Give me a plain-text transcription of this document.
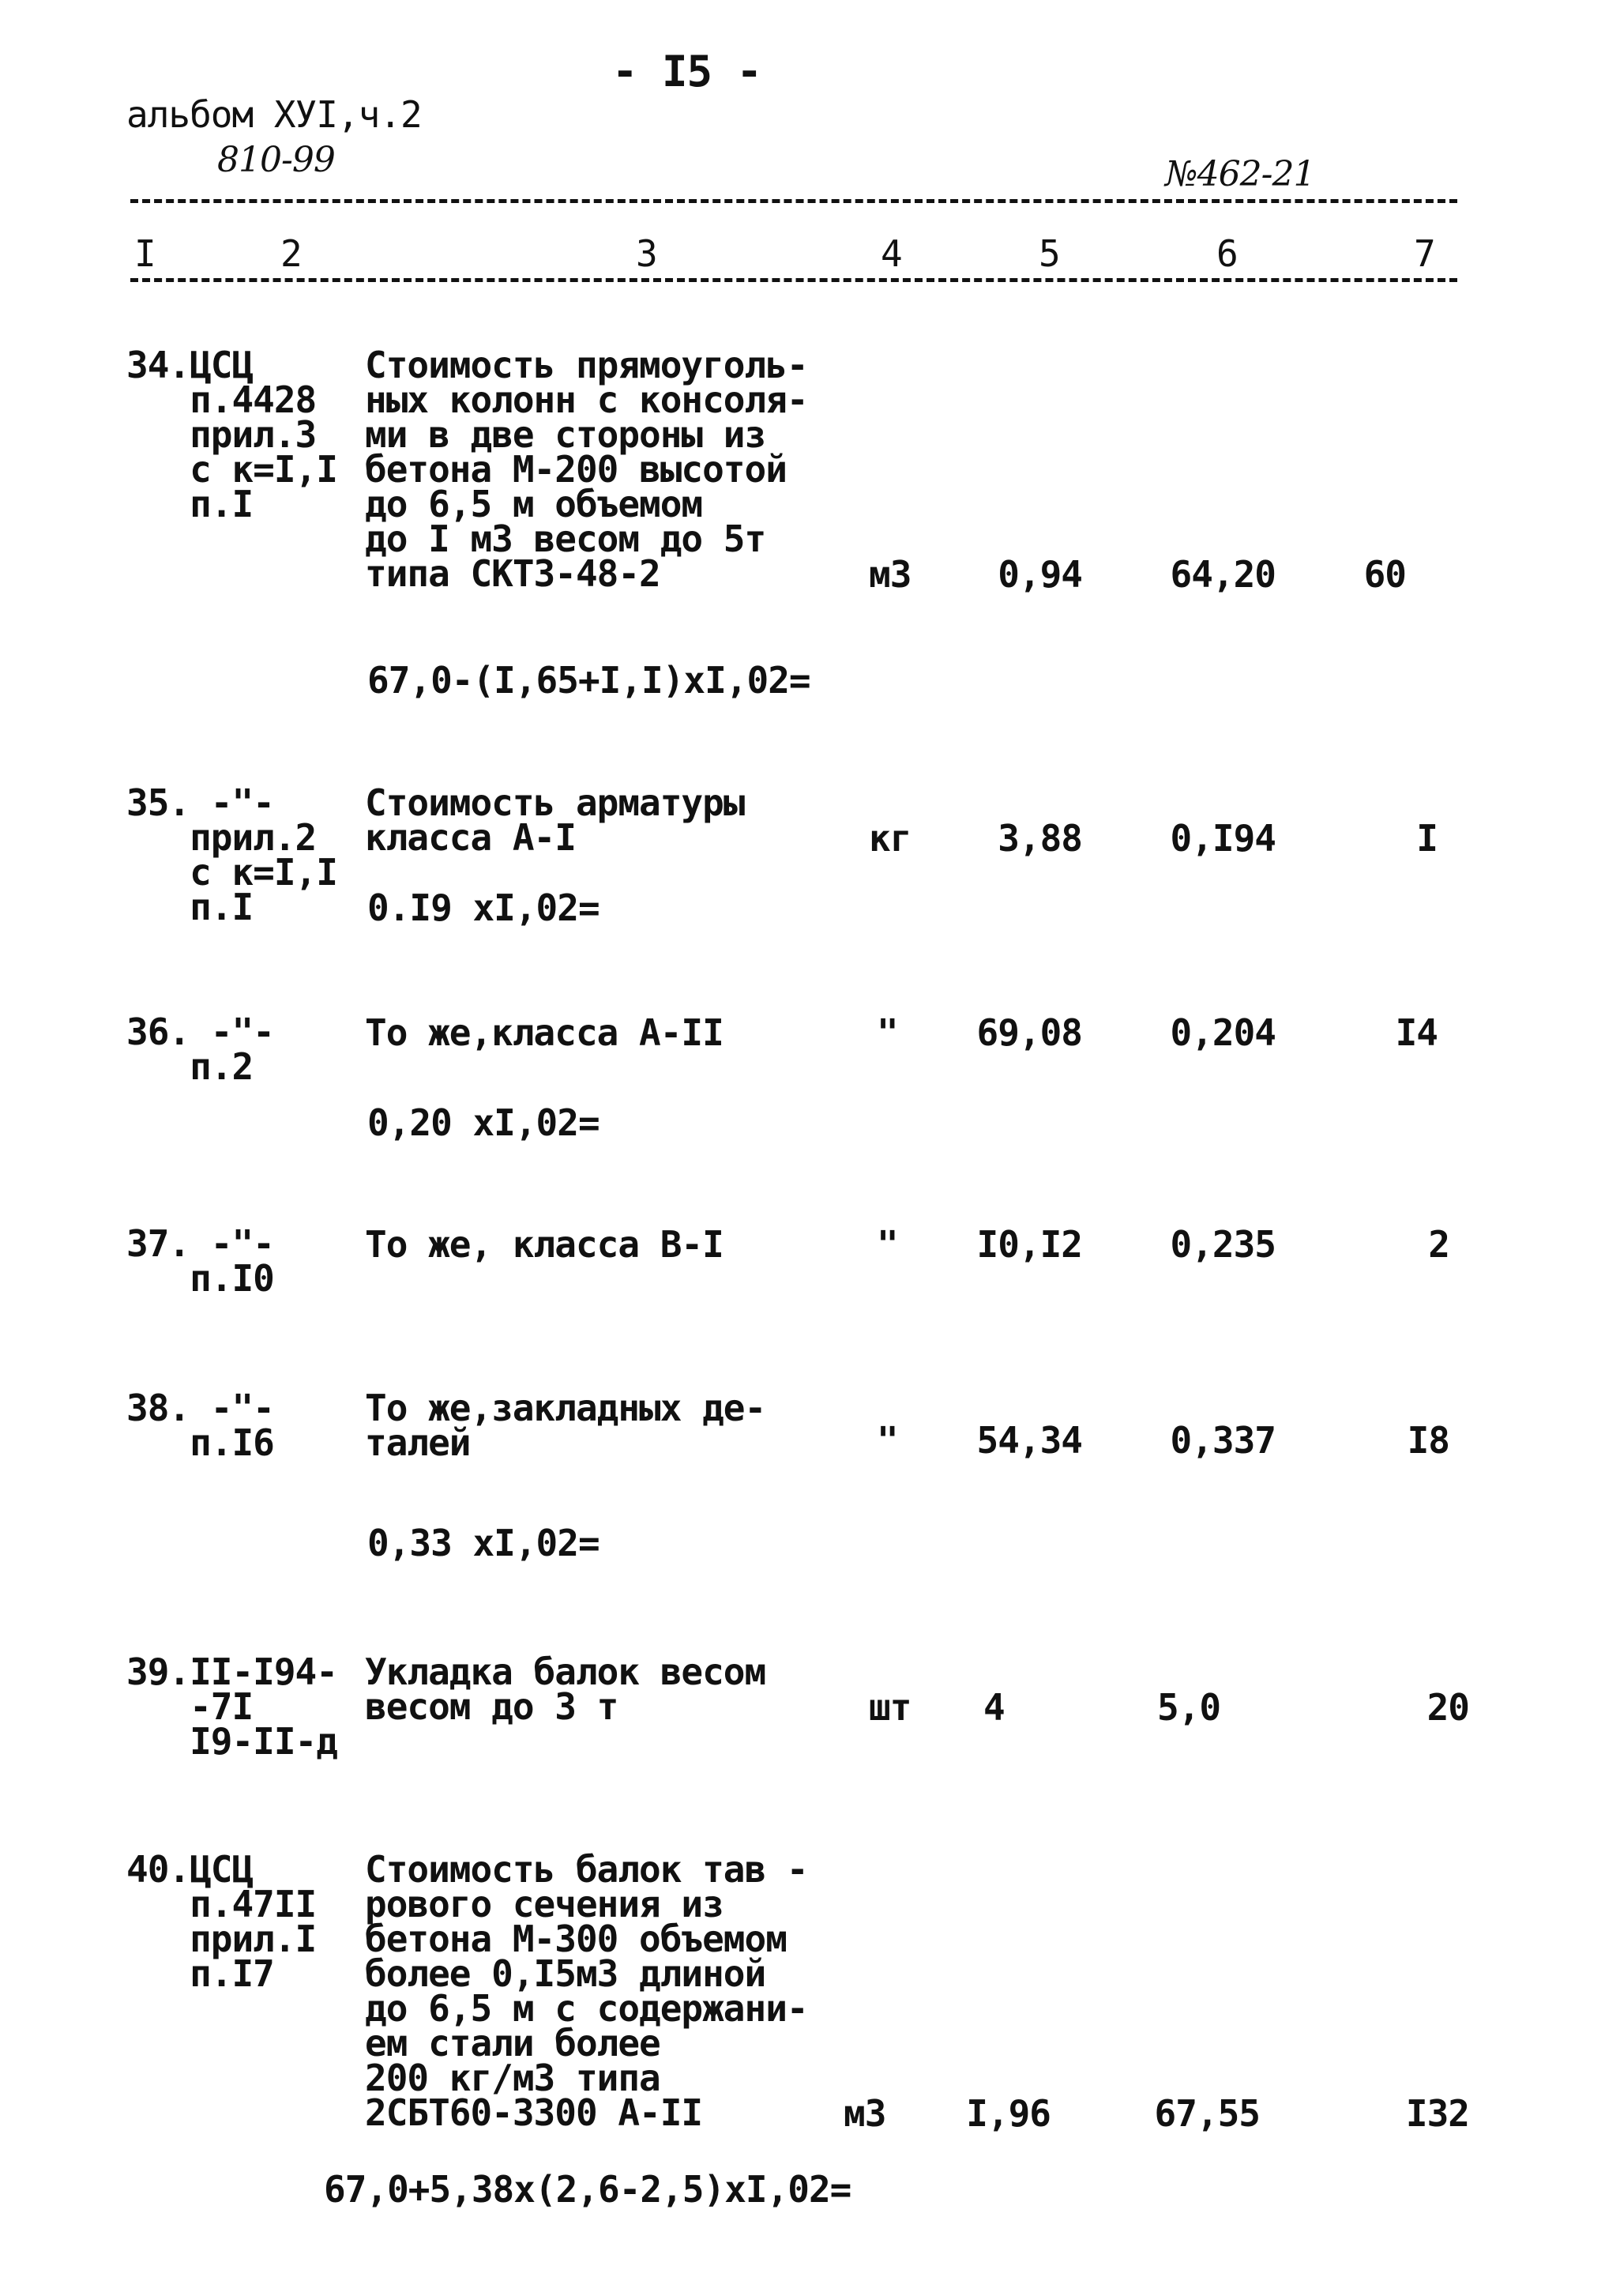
- I5 -
альбом ХУI,ч.2
810-99	№462-21
I	2	3	4	5	6	7
34.ЦСЦ
п.4428
прил.3
с к=I,I
п.I
Стоимость прямоуголь-
ных колонн с консоля-
ми в две стороны из
бетона М-200 высотой
до 6,5 м объемом
до I м3 весом до 5т
типа СКТ3-48-2	м3	0,94	64,20	60
67,0-(I,65+I,I)хI,02=
35. -"-
прил.2
с к=I,I
п.I
Стоимость арматуры
класса А-I	кг	3,88	0,I94	I
0.I9 хI,02=
36. -"-
п.2
То же,класса А-II	"	69,08	0,204	I4
0,20 хI,02=
37. -"-
п.I0
То же, класса В-I	"	I0,I2	0,235	2
38. -"-
п.I6
То же,закладных де-
талей	"	54,34	0,337	I8
0,33 хI,02=
39.II-I94-
-7I
I9-II-д
Укладка балок весом
весом до 3 т	шт 4	5,0	20
40.ЦСЦ
п.47II
прил.I
п.I7
Стоимость балок тав -
рового сечения из
бетона М-300 объемом
более 0,I5м3 длиной
до 6,5 м с содержани-
ем стали более
200 кг/м3 типа
2СБТ60-3300 А-II	м3	I,96	67,55	I32
67,0+5,38х(2,6-2,5)хI,02=
